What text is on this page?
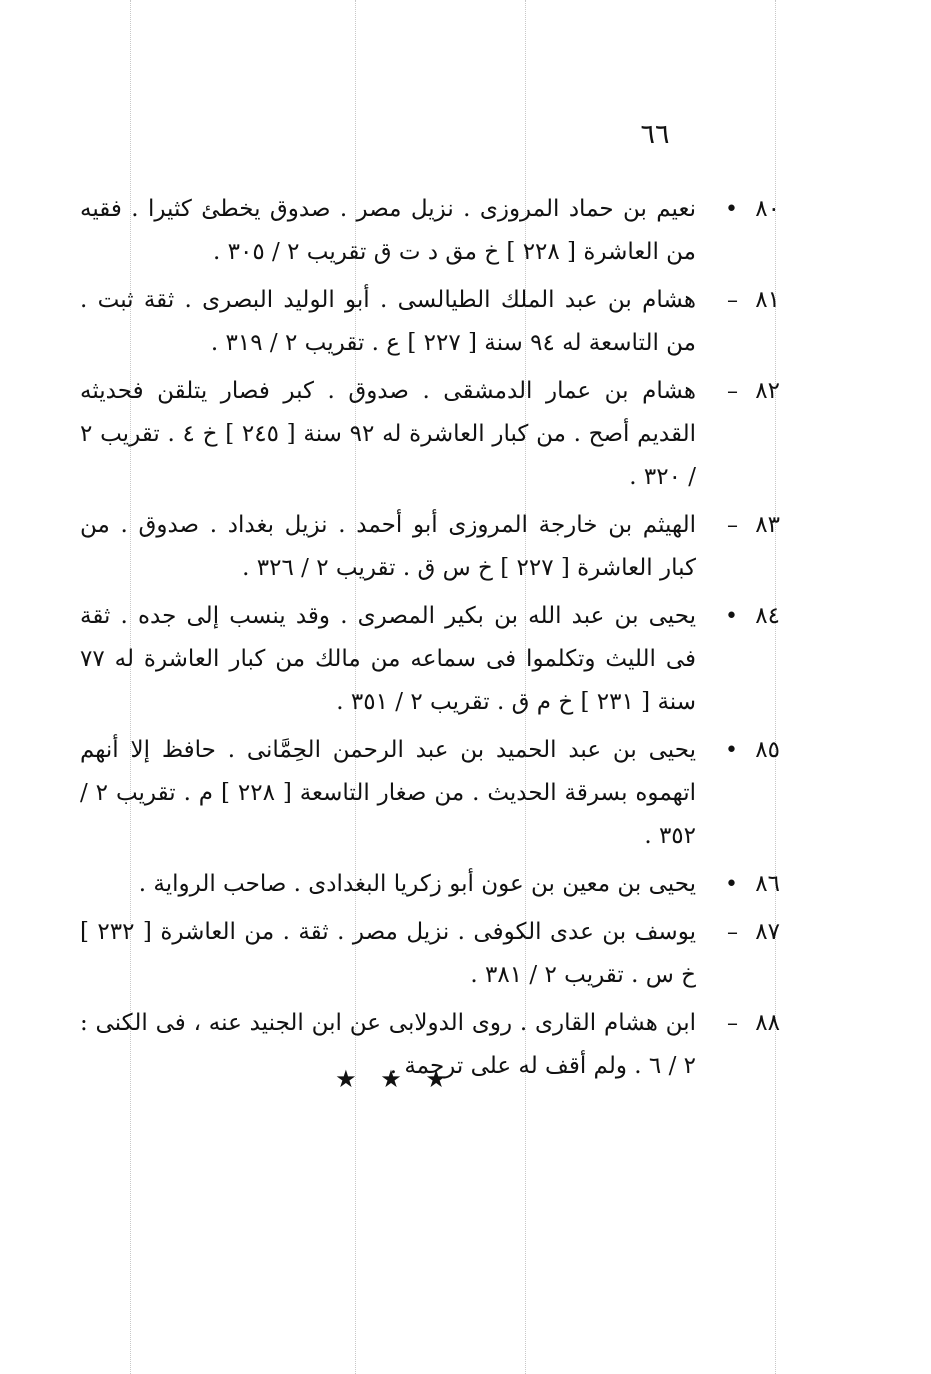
٦٦
٨٠
•
نعيم بن حماد المروزى . نزيل مصر . صدوق يخطئ كثيرا . فقيه من العاشرة [ ٢٢٨ ] خ مق د ت ق تقريب ٢ / ٣٠٥ .
٨١
–
هشام بن عبد الملك الطيالسى . أبو الوليد البصرى . ثقة ثبت . من التاسعة له ٩٤ سنة [ ٢٢٧ ] ع . تقريب ٢ / ٣١٩ .
٨٢
–
هشام بن عمار الدمشقى . صدوق . كبر فصار يتلقن فحديثه القديم أصح . من كبار العاشرة له ٩٢ سنة [ ٢٤٥ ] خ ٤ . تقريب ٢ / ٣٢٠ .
٨٣
–
الهيثم بن خارجة المروزى أبو أحمد . نزيل بغداد . صدوق . من كبار العاشرة [ ٢٢٧ ] خ س ق . تقريب ٢ / ٣٢٦ .
٨٤
•
يحيى بن عبد الله بن بكير المصرى . وقد ينسب إلى جده . ثقة فى الليث وتكلموا فى سماعه من مالك من كبار العاشرة له ٧٧ سنة [ ٢٣١ ] خ م ق . تقريب ٢ / ٣٥١ .
٨٥
•
يحيى بن عبد الحميد بن عبد الرحمن الحِمَّانى . حافظ إلا أنهم اتهموه بسرقة الحديث . من صغار التاسعة [ ٢٢٨ ] م . تقريب ٢ / ٣٥٢ .
٨٦
•
يحيى بن معين بن عون أبو زكريا البغدادى . صاحب الرواية .
٨٧
–
يوسف بن عدى الكوفى . نزيل مصر . ثقة . من العاشرة [ ٢٣٢ ] خ س . تقريب ٢ / ٣٨١ .
٨٨
–
ابن هشام القارى . روى الدولابى عن ابن الجنيد عنه ، فى الكنى : ٢ / ٦ . ولم أقف له على ترجمة .
★ ★ ★
